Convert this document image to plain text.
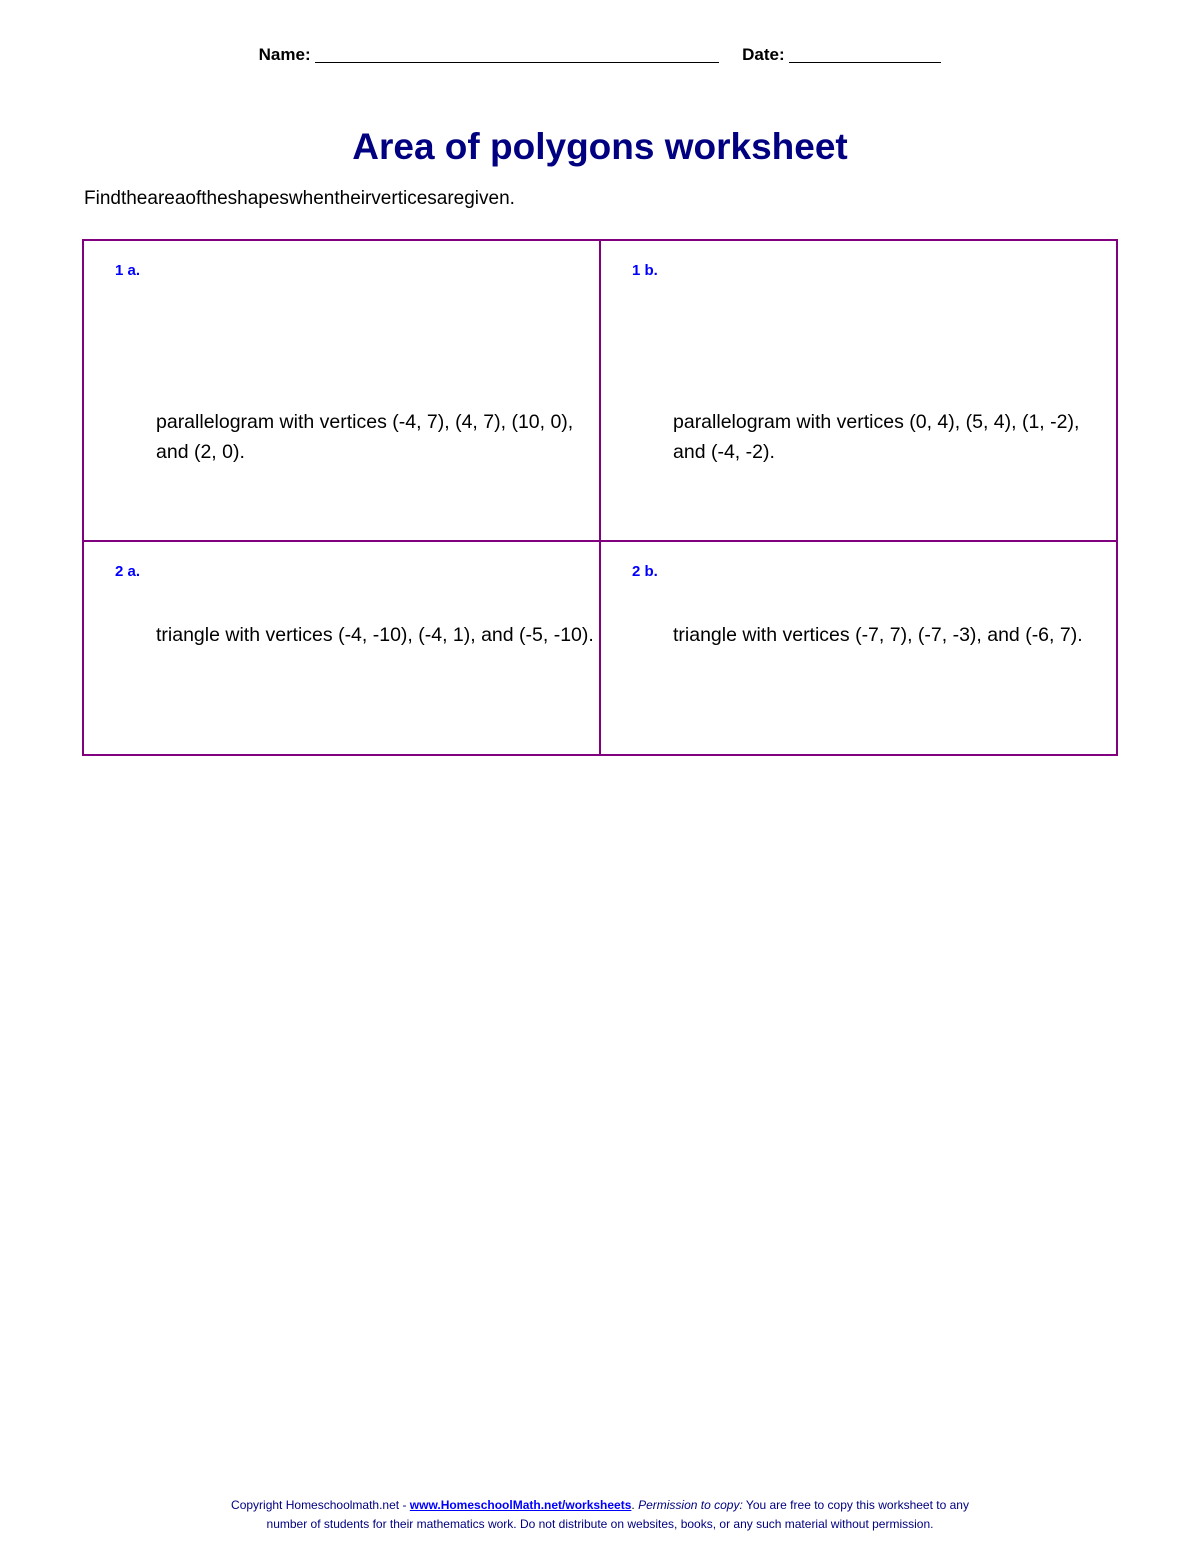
Name:	Date:
Area of polygons worksheet
Findtheareaoftheshapeswhentheirverticesaregiven.
1 a.
parallelogram with vertices (-4, 7), (4, 7), (10, 0), and (2, 0).
1 b.
parallelogram with vertices (0, 4), (5, 4), (1, -2), and (-4, -2).
2 a.
triangle with vertices (-4, -10), (-4, 1), and (-5, -10).
2 b.
triangle with vertices (-7, 7), (-7, -3), and (-6, 7).
Copyright Homeschoolmath.net - www.HomeschoolMath.net/worksheets. Permission to copy: You are free to copy this worksheet to any
number of students for their mathematics work. Do not distribute on websites, books, or any such material without permission.
